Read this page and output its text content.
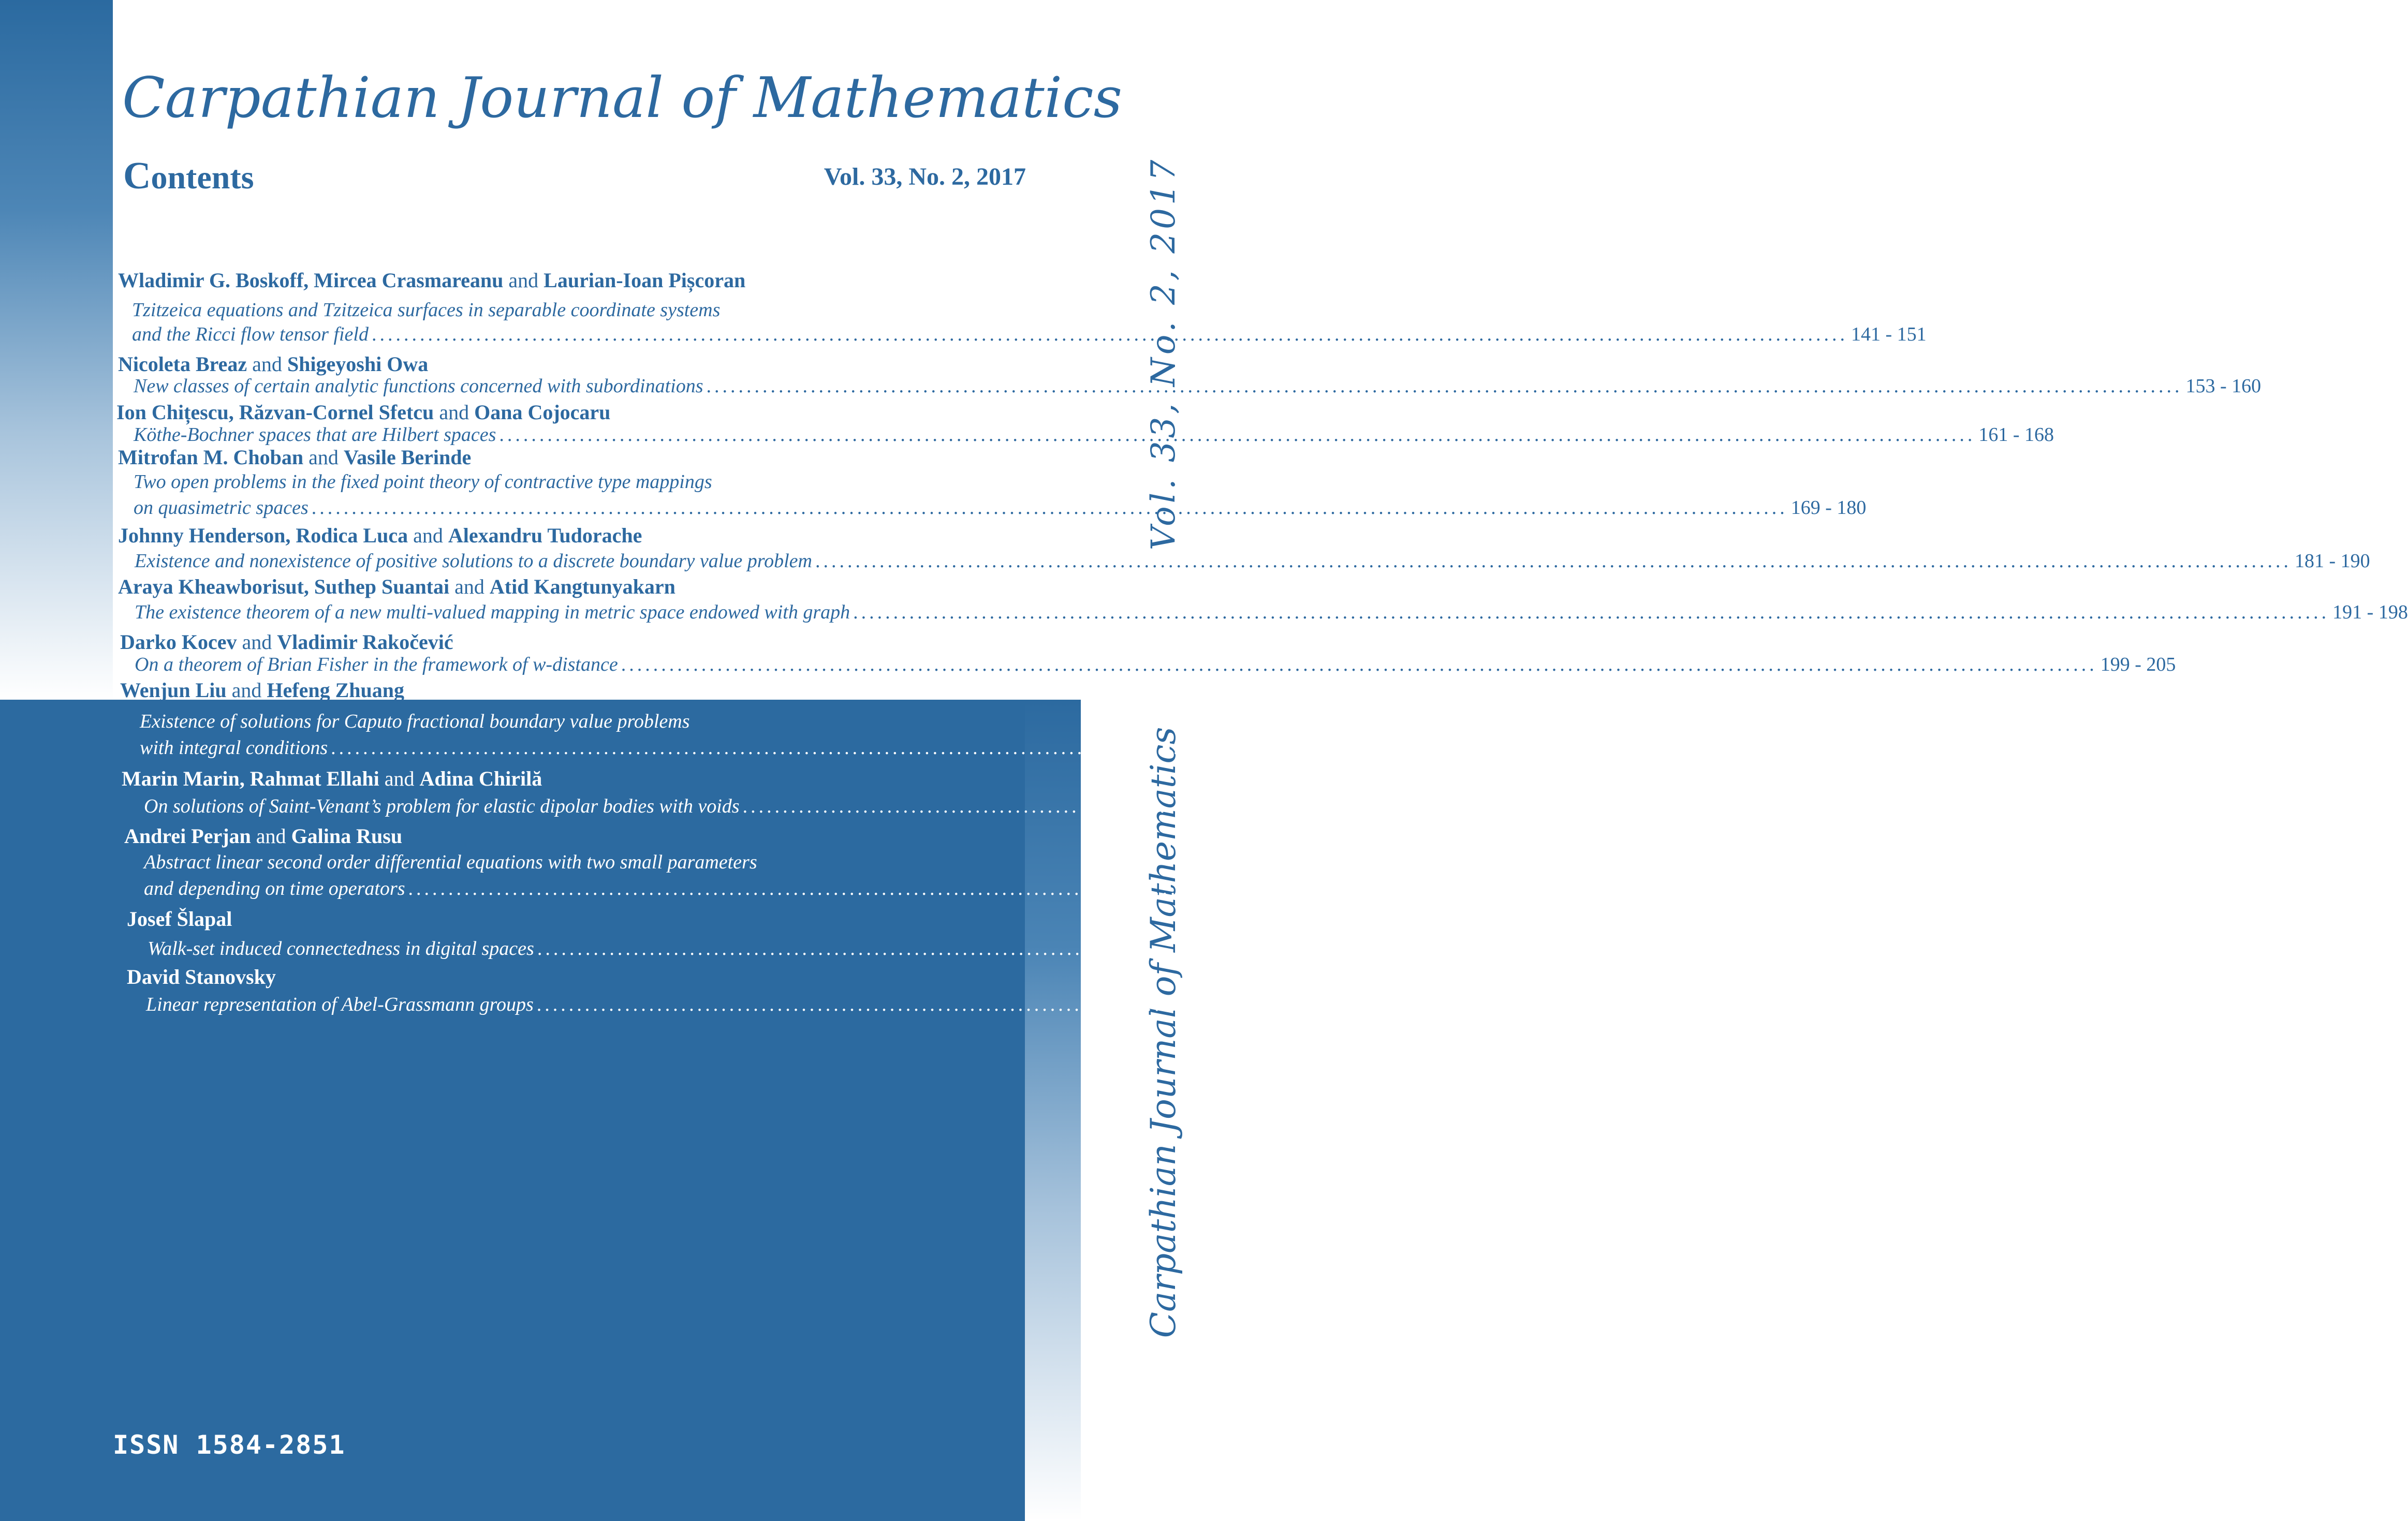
Carpathian Journal of Mathematics
Contents	Vol. 33, No. 2, 2017	Vol. 33, No. 2, 2017
Carpathian Journal of Mathematics
Wladimir G. Boskoff, Mircea Crasmareanu and Laurian-Ioan Pișcoran
Tzitzeica equations and Tzitzeica surfaces in separable coordinate systems
and the Ricci flow tensor field ........................................................................................................................................................................................ 141 - 151
Nicoleta Breaz and Shigeyoshi Owa
New classes of certain analytic functions concerned with subordinations ........................................................................................................................................................................................ 153 - 160
Ion Chițescu, Răzvan-Cornel Sfetcu and Oana Cojocaru
Köthe-Bochner spaces that are Hilbert spaces ........................................................................................................................................................................................ 161 - 168
Mitrofan M. Choban and Vasile Berinde
Two open problems in the fixed point theory of contractive type mappings
on quasimetric spaces ........................................................................................................................................................................................ 169 - 180
Johnny Henderson, Rodica Luca and Alexandru Tudorache
Existence and nonexistence of positive solutions to a discrete boundary value problem ........................................................................................................................................................................................ 181 - 190
Araya Kheawborisut, Suthep Suantai and Atid Kangtunyakarn
The existence theorem of a new multi-valued mapping in metric space endowed with graph ........................................................................................................................................................................................ 191 - 198
Darko Kocev and Vladimir Rakočević
On a theorem of Brian Fisher in the framework of w-distance ........................................................................................................................................................................................ 199 - 205
Wenjun Liu and Hefeng Zhuang
Existence of solutions for Caputo fractional boundary value problems
with integral conditions ........................................................................................................................................................................................ 207 - 217
Marin Marin, Rahmat Ellahi and Adina Chirilă
On solutions of Saint-Venant’s problem for elastic dipolar bodies with voids ........................................................................................................................................................................................ 219 - 232
Andrei Perjan and Galina Rusu
Abstract linear second order differential equations with two small parameters
and depending on time operators ........................................................................................................................................................................................ 233 - 246
Josef Šlapal
Walk-set induced connectedness in digital spaces ........................................................................................................................................................................................ 247 - 256
David Stanovsky
Linear representation of Abel-Grassmann groups ........................................................................................................................................................................................ 257 - 263
ISSN 1584-2851
